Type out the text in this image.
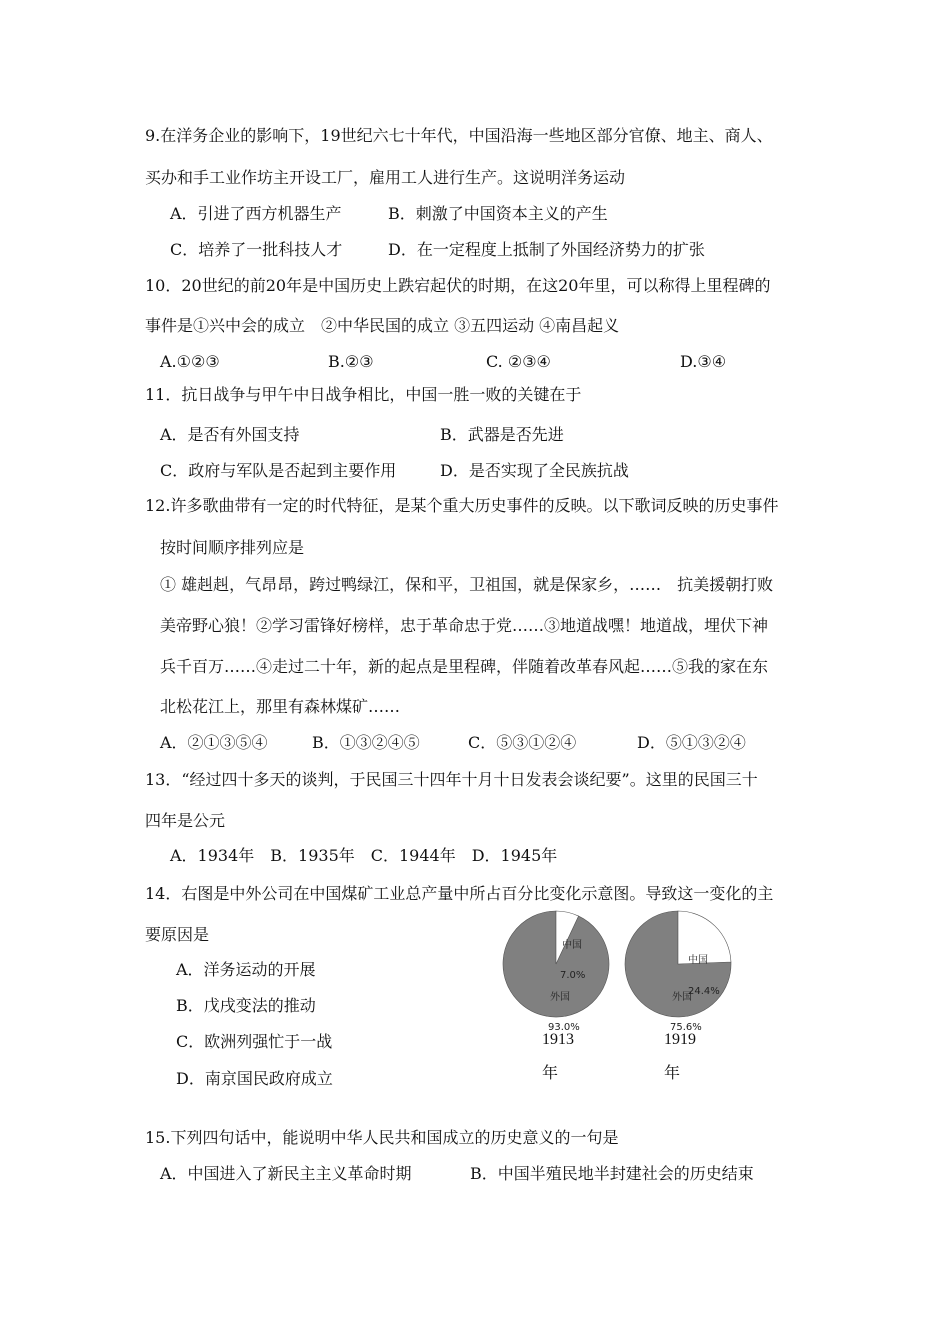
9.在洋务企业的影响下，19世纪六七十年代，中国沿海一些地区部分官僚、地主、商人、
买办和手工业作坊主开设工厂，雇用工人进行生产。这说明洋务运动
A．引进了西方机器生产	B．刺激了中国资本主义的产生
C．培养了一批科技人才	D．在一定程度上抵制了外国经济势力的扩张
10．20世纪的前20年是中国历史上跌宕起伏的时期，在这20年里，可以称得上里程碑的
事件是①兴中会的成立　②中华民国的成立 ③五四运动 ④南昌起义
A.①②③	B.②③	C. ②③④	D.③④
11．抗日战争与甲午中日战争相比，中国一胜一败的关键在于
A．是否有外国支持	B．武器是否先进
C．政府与军队是否起到主要作用	D．是否实现了全民族抗战
12.许多歌曲带有一定的时代特征，是某个重大历史事件的反映。以下歌词反映的历史事件
按时间顺序排列应是
① 雄赳赳，气昂昂，跨过鸭绿江，保和平，卫祖国，就是保家乡，……　抗美援朝打败
美帝野心狼！②学习雷锋好榜样，忠于革命忠于党……③地道战嘿！地道战，埋伏下神
兵千百万……④走过二十年，新的起点是里程碑，伴随着改革春风起……⑤我的家在东
北松花江上，那里有森林煤矿……
A．②①③⑤④	B．①③②④⑤	C．⑤③①②④	D．⑤①③②④
13．“经过四十多天的谈判，于民国三十四年十月十日发表会谈纪要”。这里的民国三十
四年是公元
A．1934年　B．1935年　C．1944年　D．1945年
14．右图是中外公司在中国煤矿工业总产量中所占百分比变化示意图。导致这一变化的主
要原因是
A．洋务运动的开展
B．戊戌变法的推动
C．欧洲列强忙于一战
D．南京国民政府成立
中国
7.0%
外国
93.0%
1913
年
中国
24.4%
外国
75.6%
1919
年
15.下列四句话中，能说明中华人民共和国成立的历史意义的一句是
A．中国进入了新民主主义革命时期	B．中国半殖民地半封建社会的历史结束
